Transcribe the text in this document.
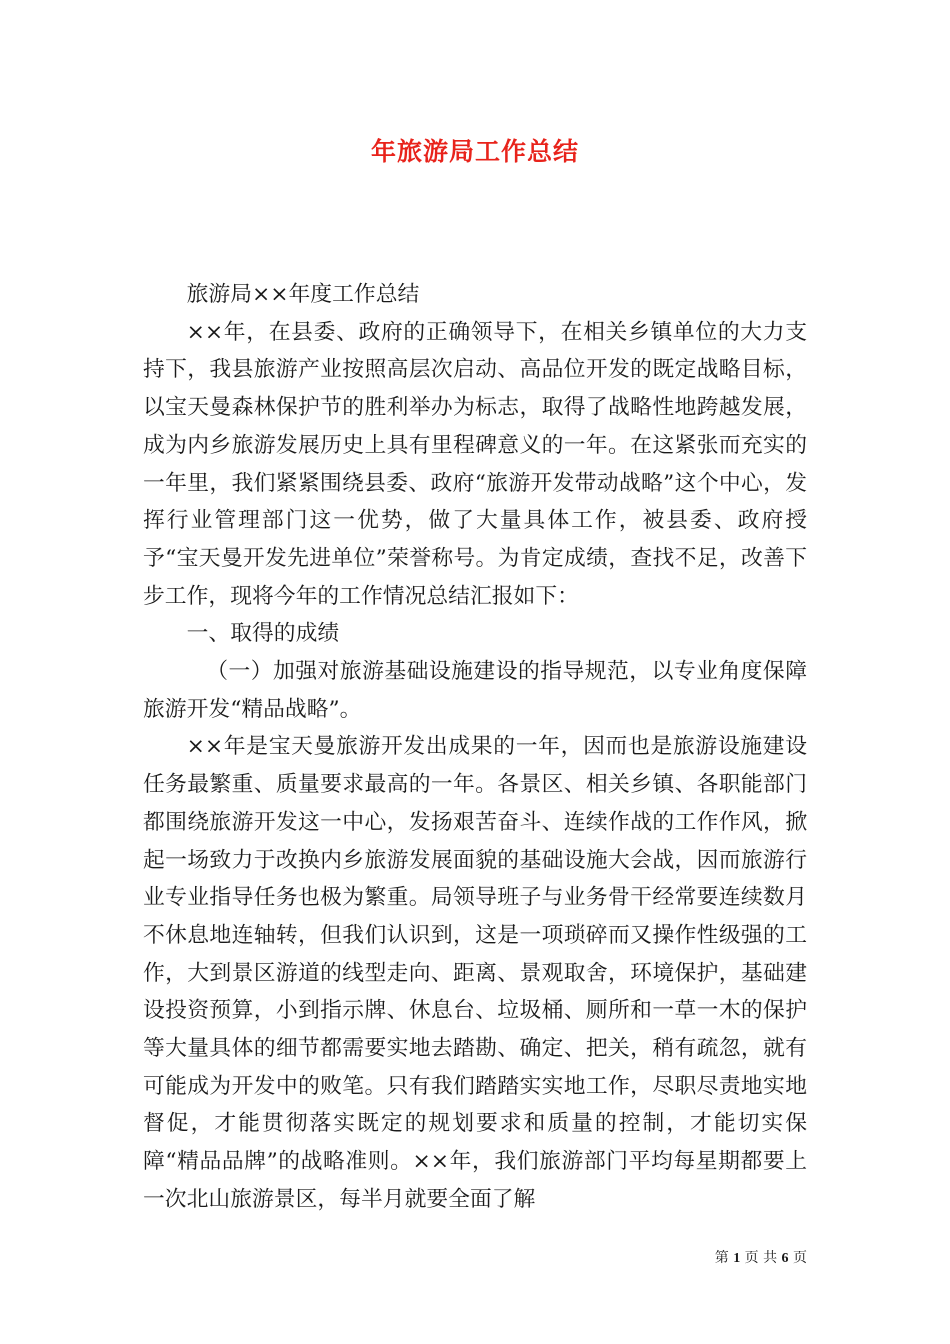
年旅游局工作总结

旅游局××年度工作总结

××年，在县委、政府的正确领导下，在相关乡镇单位的大力支持下，我县旅游产业按照高层次启动、高品位开发的既定战略目标，以宝天曼森林保护节的胜利举办为标志，取得了战略性地跨越发展，成为内乡旅游发展历史上具有里程碑意义的一年。在这紧张而充实的一年里，我们紧紧围绕县委、政府“旅游开发带动战略”这个中心，发挥行业管理部门这一优势，做了大量具体工作，被县委、政府授予“宝天曼开发先进单位”荣誉称号。为肯定成绩，查找不足，改善下步工作，现将今年的工作情况总结汇报如下：

一、取得的成绩

（一）加强对旅游基础设施建设的指导规范，以专业角度保障旅游开发“精品战略”。

××年是宝天曼旅游开发出成果的一年，因而也是旅游设施建设任务最繁重、质量要求最高的一年。各景区、相关乡镇、各职能部门都围绕旅游开发这一中心，发扬艰苦奋斗、连续作战的工作作风，掀起一场致力于改换内乡旅游发展面貌的基础设施大会战，因而旅游行业专业指导任务也极为繁重。局领导班子与业务骨干经常要连续数月不休息地连轴转，但我们认识到，这是一项琐碎而又操作性级强的工作，大到景区游道的线型走向、距离、景观取舍，环境保护，基础建设投资预算，小到指示牌、休息台、垃圾桶、厕所和一草一木的保护等大量具体的细节都需要实地去踏勘、确定、把关，稍有疏忽，就有可能成为开发中的败笔。只有我们踏踏实实地工作，尽职尽责地实地督促，才能贯彻落实既定的规划要求和质量的控制，才能切实保障“精品品牌”的战略准则。××年，我们旅游部门平均每星期都要上一次北山旅游景区，每半月就要全面了解

第 1 页 共 6 页
